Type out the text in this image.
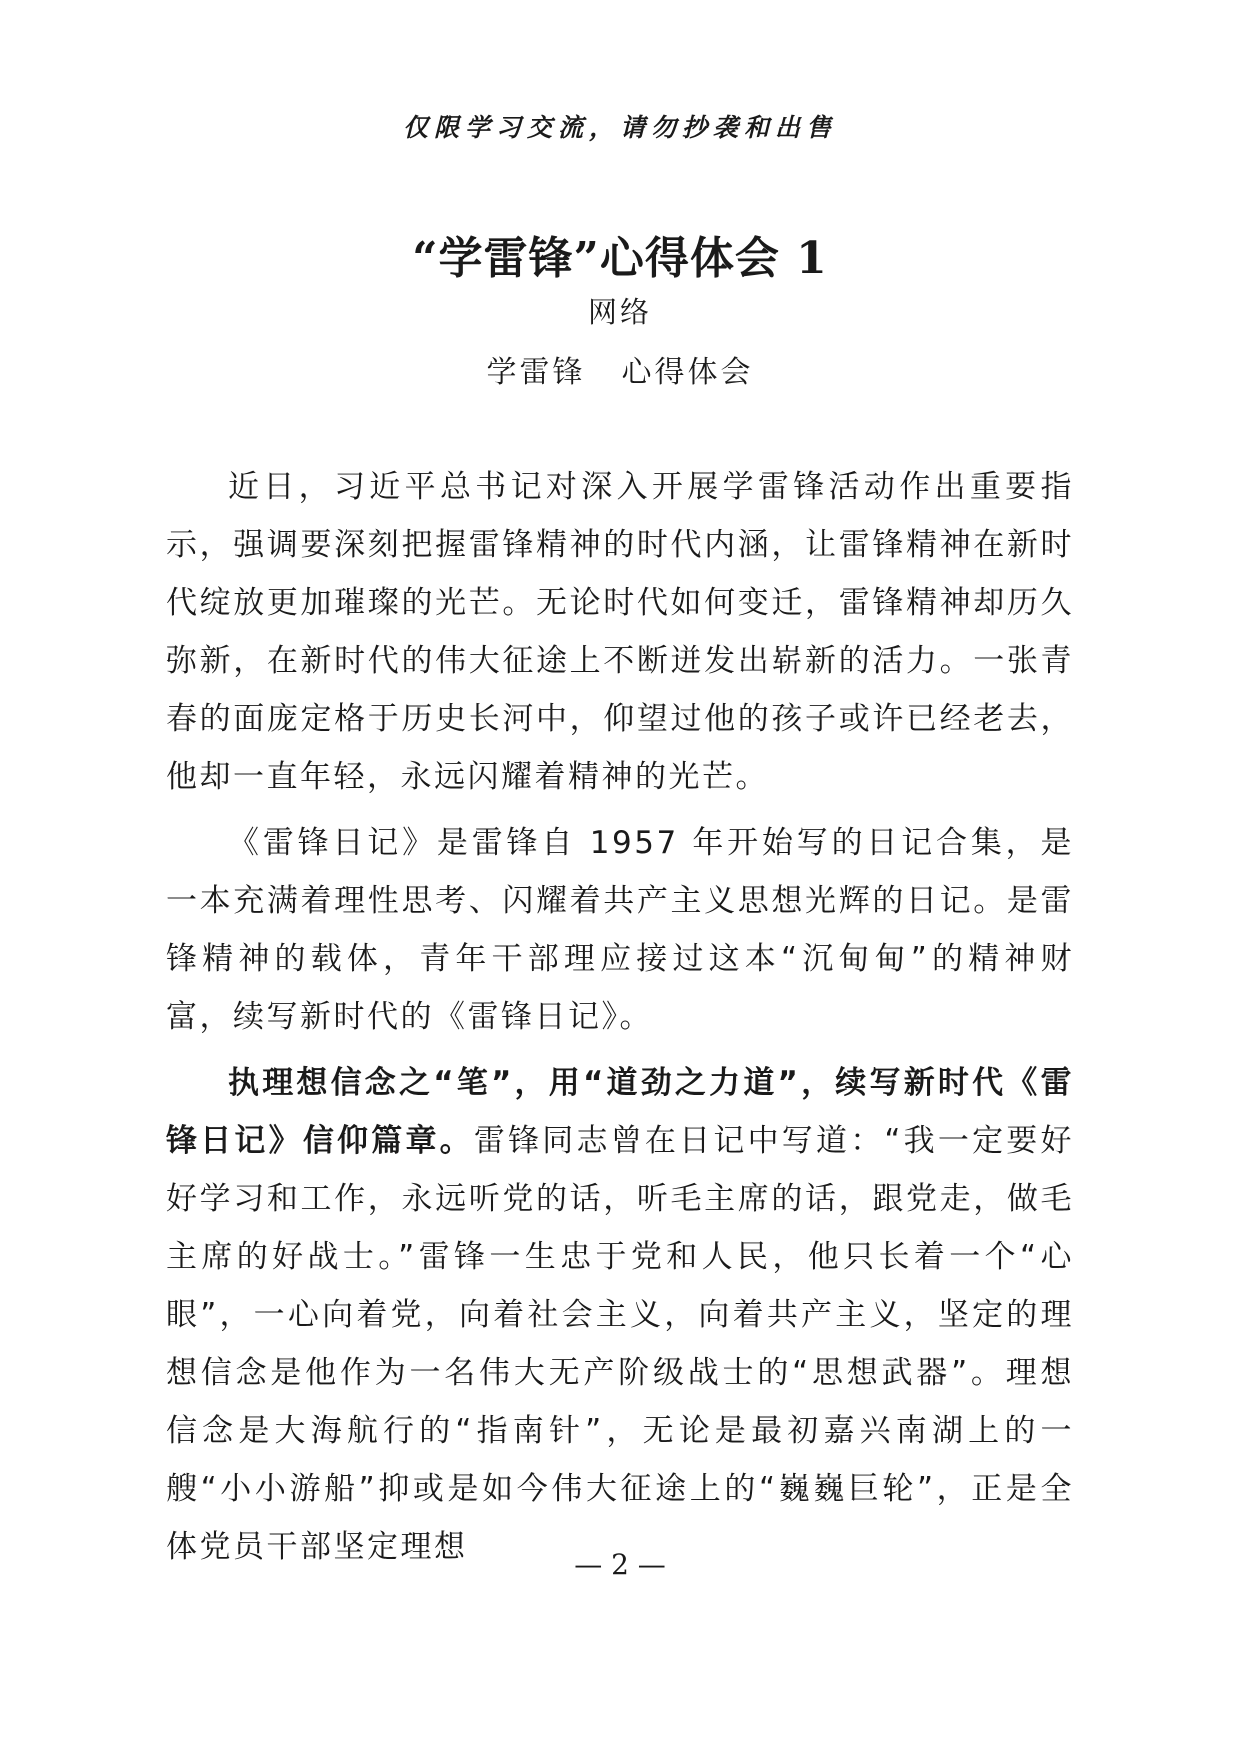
仅限学习交流，请勿抄袭和出售
“学雷锋”心得体会 1
网络
学雷锋 心得体会

近日，习近平总书记对深入开展学雷锋活动作出重要指示，强调要深刻把握雷锋精神的时代内涵，让雷锋精神在新时代绽放更加璀璨的光芒。无论时代如何变迁，雷锋精神却历久弥新，在新时代的伟大征途上不断迸发出崭新的活力。一张青春的面庞定格于历史长河中，仰望过他的孩子或许已经老去，他却一直年轻，永远闪耀着精神的光芒。

《雷锋日记》是雷锋自 1957 年开始写的日记合集，是一本充满着理性思考、闪耀着共产主义思想光辉的日记。是雷锋精神的载体，青年干部理应接过这本“沉甸甸”的精神财富，续写新时代的《雷锋日记》。

执理想信念之“笔”，用“道劲之力道”，续写新时代《雷锋日记》信仰篇章。雷锋同志曾在日记中写道：“我一定要好好学习和工作，永远听党的话，听毛主席的话，跟党走，做毛主席的好战士。”雷锋一生忠于党和人民，他只长着一个“心眼”，一心向着党，向着社会主义，向着共产主义，坚定的理想信念是他作为一名伟大无产阶级战士的“思想武器”。理想信念是大海航行的“指南针”，无论是最初嘉兴南湖上的一艘“小小游船”抑或是如今伟大征途上的“巍巍巨轮”，正是全体党员干部坚定理想	— 2 —
